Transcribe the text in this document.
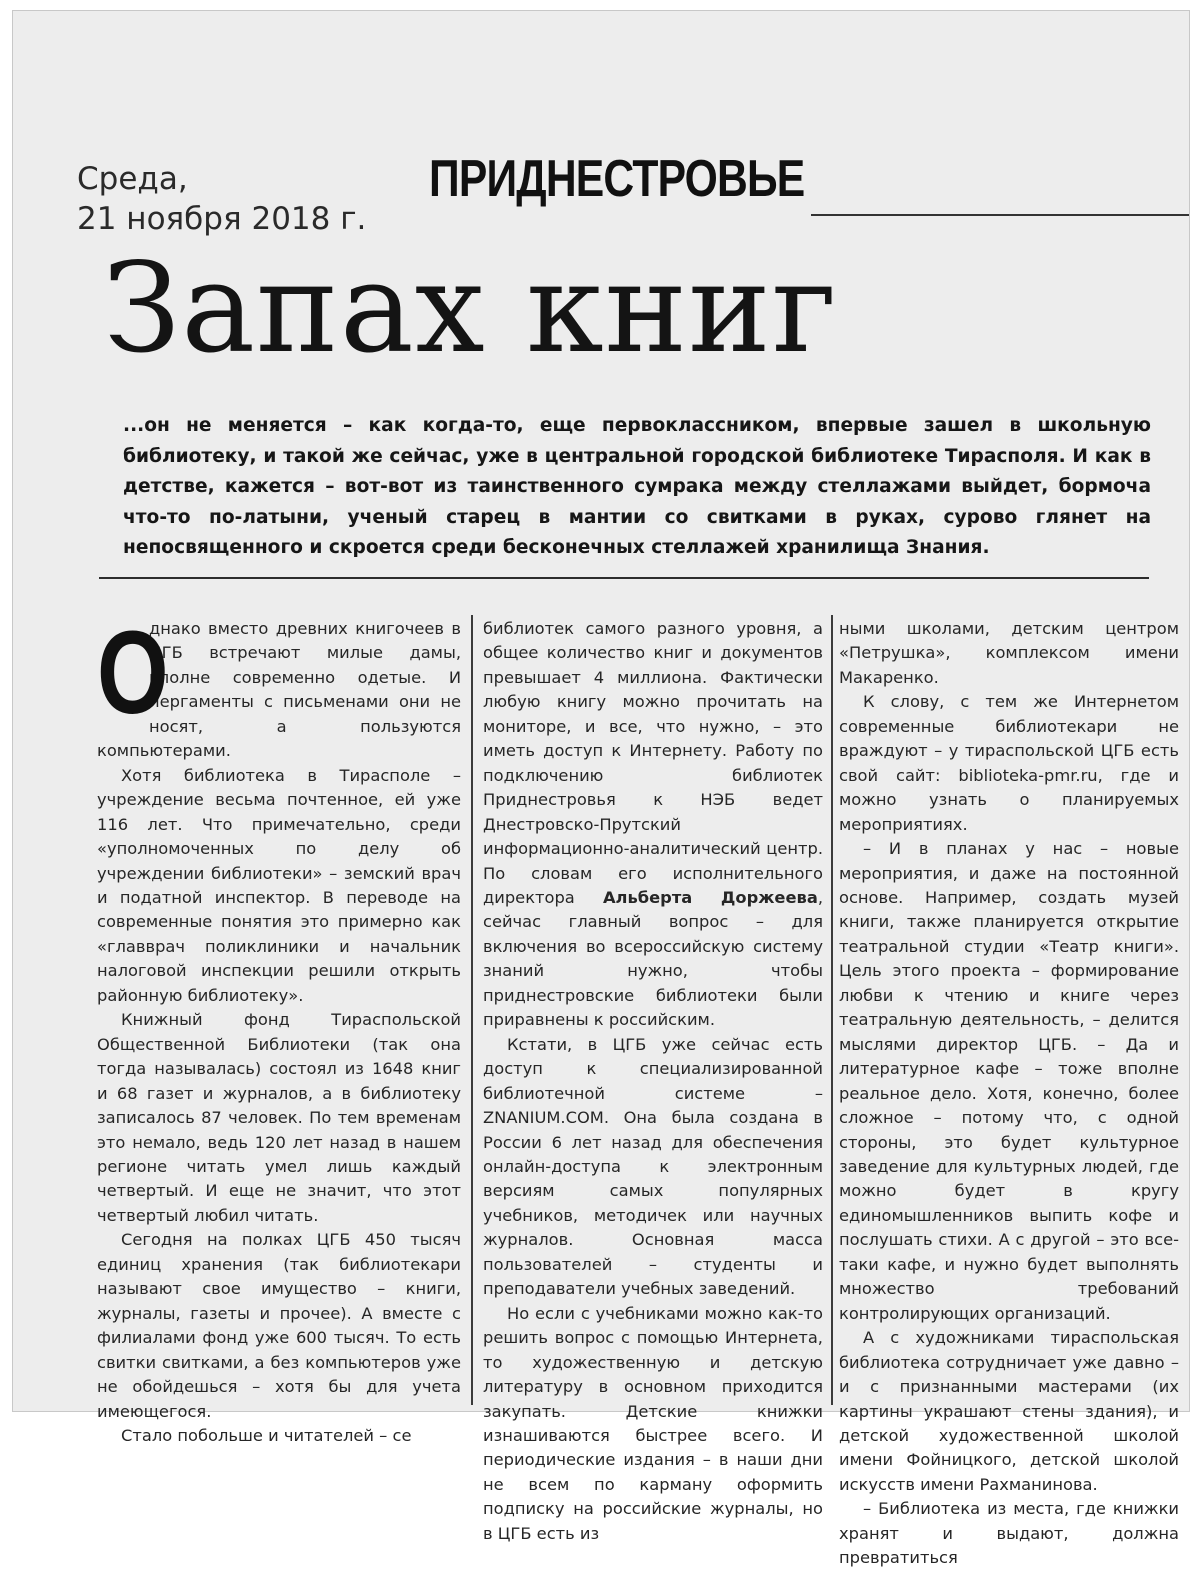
Среда,
21 ноября 2018 г.
ПРИДНЕСТРОВЬЕ
Запах книг
...он не меняется – как когда-то, еще первоклассником, впервые зашел в школьную библиотеку, и такой же сейчас, уже в центральной городской библиотеке Тирасполя. И как в детстве, кажется – вот-вот из таинственного сумрака между стеллажами выйдет, бормоча что-то по-латыни, ученый старец в мантии со свитками в руках, сурово глянет на непосвященного и скроется среди бесконечных стеллажей хранилища Знания.

О
днако вместо древних книгочеев в ЦГБ встречают милые дамы, вполне современно одетые. И пергаменты с письменами они не носят, а пользуются компьютерами.

Хотя библиотека в Тирасполе – учреждение весьма почтенное, ей уже 116 лет. Что примечательно, среди «уполномоченных по делу об учреждении библиотеки» – земский врач и податной инспектор. В переводе на современные понятия это примерно как «главврач поликлиники и начальник налоговой инспекции решили открыть районную библиотеку».

Книжный фонд Тираспольской Общественной Библиотеки (так она тогда называлась) состоял из 1648 книг и 68 газет и журналов, а в библиотеку записалось 87 человек. По тем временам это немало, ведь 120 лет назад в нашем регионе читать умел лишь каждый четвертый. И еще не значит, что этот четвертый любил читать.

Сегодня на полках ЦГБ 450 тысяч единиц хранения (так библиотекари называют свое имущество – книги, журналы, газеты и прочее). А вместе с филиалами фонд уже 600 тысяч. То есть свитки свитками, а без компьютеров уже не обойдешься – хотя бы для учета имеющегося.

Стало побольше и читателей – се

библиотек самого разного уровня, а общее количество книг и документов превышает 4 миллиона. Фактически любую книгу можно прочитать на мониторе, и все, что нужно, – это иметь доступ к Интернету. Работу по подключению библиотек Приднестровья к НЭБ ведет Днестровско-Прутский информационно-аналитический центр. По словам его исполнительного директора Альберта Доржеева, сейчас главный вопрос – для включения во всероссийскую систему знаний нужно, чтобы приднестровские библиотеки были приравнены к российским.

Кстати, в ЦГБ уже сейчас есть доступ к специализированной библиотечной системе – ZNANIUM.COM. Она была создана в России 6 лет назад для обеспечения онлайн-доступа к электронным версиям самых популярных учебников, методичек или научных журналов. Основная масса пользователей – студенты и преподаватели учебных заведений.

Но если с учебниками можно как-то решить вопрос с помощью Интернета, то художественную и детскую литературу в основном приходится закупать. Детские книжки изнашиваются быстрее всего. И периодические издания – в наши дни не всем по карману оформить подписку на российские журналы, но в ЦГБ есть из

ными школами, детским центром «Петрушка», комплексом имени Макаренко.

К слову, с тем же Интернетом современные библиотекари не враждуют – у тираспольской ЦГБ есть свой сайт: biblioteka-pmr.ru, где и можно узнать о планируемых мероприятиях.

– И в планах у нас – новые мероприятия, и даже на постоянной основе. Например, создать музей книги, также планируется открытие театральной студии «Театр книги». Цель этого проекта – формирование любви к чтению и книге через театральную деятельность, – делится мыслями директор ЦГБ. – Да и литературное кафе – тоже вполне реальное дело. Хотя, конечно, более сложное – потому что, с одной стороны, это будет культурное заведение для культурных людей, где можно будет в кругу единомышленников выпить кофе и послушать стихи. А с другой – это все-таки кафе, и нужно будет выполнять множество требований контролирующих организаций.

А с художниками тираспольская библиотека сотрудничает уже давно – и с признанными мастерами (их картины украшают стены здания), и детской художественной школой имени Фойницкого, детской школой искусств имени Рахманинова.

– Библиотека из места, где книжки хранят и выдают, должна превратиться
